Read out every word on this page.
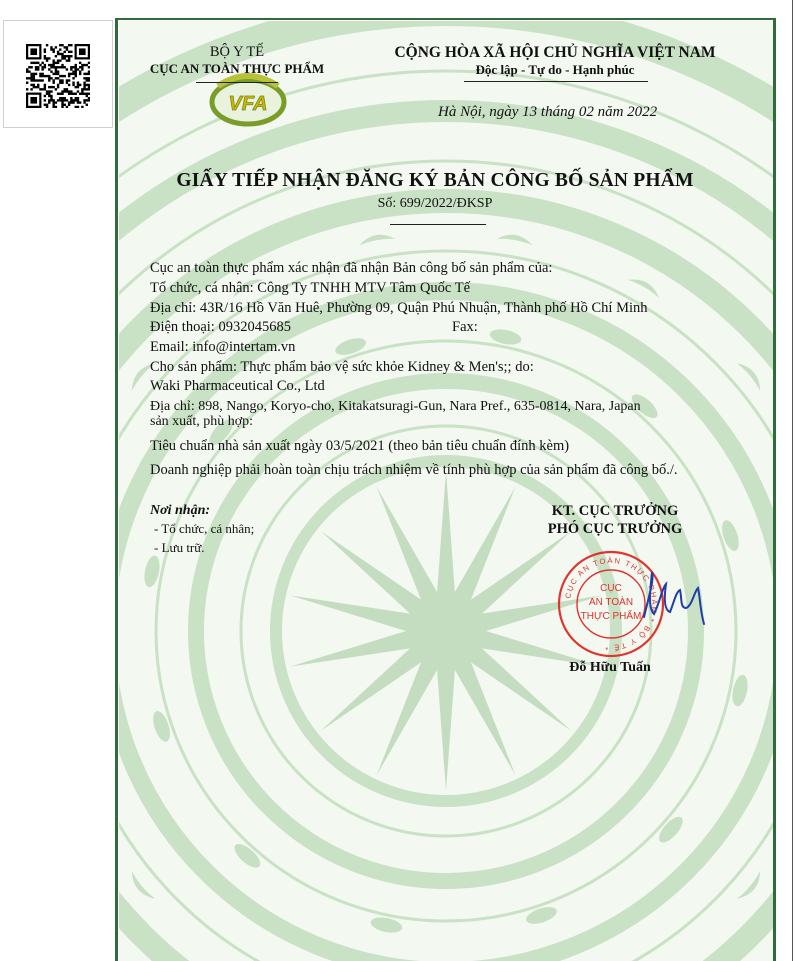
VFA
BỘ Y TẾ
CỤC AN TOÀN THỰC PHẨM
CỘNG HÒA XÃ HỘI CHỦ NGHĨA VIỆT NAM
Độc lập - Tự do - Hạnh phúc
Hà Nội, ngày 13 tháng 02 năm 2022
GIẤY TIẾP NHẬN ĐĂNG KÝ BẢN CÔNG BỐ SẢN PHẨM
Số: 699/2022/ĐKSP
Cục an toàn thực phẩm xác nhận đã nhận Bản công bố sản phẩm của:
Tổ chức, cá nhân: Công Ty TNHH MTV Tâm Quốc Tế
Địa chỉ: 43R/16 Hồ Văn Huê, Phường 09, Quận Phú Nhuận, Thành phố Hồ Chí Minh
Điện thoại: 0932045685	Fax:
Email: info@intertam.vn
Cho sản phẩm: Thực phẩm bảo vệ sức khỏe Kidney & Men's;; do:
Waki Pharmaceutical Co., Ltd
Địa chỉ: 898, Nango, Koryo-cho, Kitakatsuragi-Gun, Nara Pref., 635-0814, Nara, Japan
sản xuất, phù hợp:
Tiêu chuẩn nhà sản xuất ngày 03/5/2021 (theo bản tiêu chuẩn đính kèm)
Doanh nghiệp phải hoàn toàn chịu trách nhiệm về tính phù hợp của sản phẩm đã công bố./.
Nơi nhận:
- Tổ chức, cá nhân;
- Lưu trữ.
KT. CỤC TRƯỞNG
PHÓ CỤC TRƯỞNG
CỤC AN TOÀN THỰC PHẨM * BỘ Y TẾ *
CỤC
AN TOÀN
THỰC PHẨM
Đỗ Hữu Tuấn
